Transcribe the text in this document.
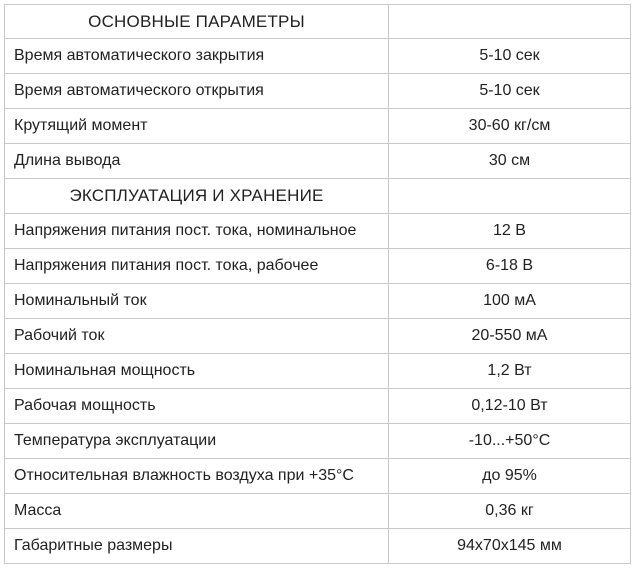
ОСНОВНЫЕ ПАРАМЕТРЫ	
Время автоматического закрытия	5-10 сек
Время автоматического открытия	5-10 сек
Крутящий момент	30-60 кг/см
Длина вывода	30 см
ЭКСПЛУАТАЦИЯ И ХРАНЕНИЕ	
Напряжения питания пост. тока, номинальное	12 В
Напряжения питания пост. тока, рабочее	6-18 В
Номинальный ток	100 мА
Рабочий ток	20-550 мА
Номинальная мощность	1,2 Вт
Рабочая мощность	0,12-10 Вт
Температура эксплуатации	-10...+50°С
Относительная влажность воздуха при +35°С	до 95%
Масса	0,36 кг
Габаритные размеры	94х70х145 мм
